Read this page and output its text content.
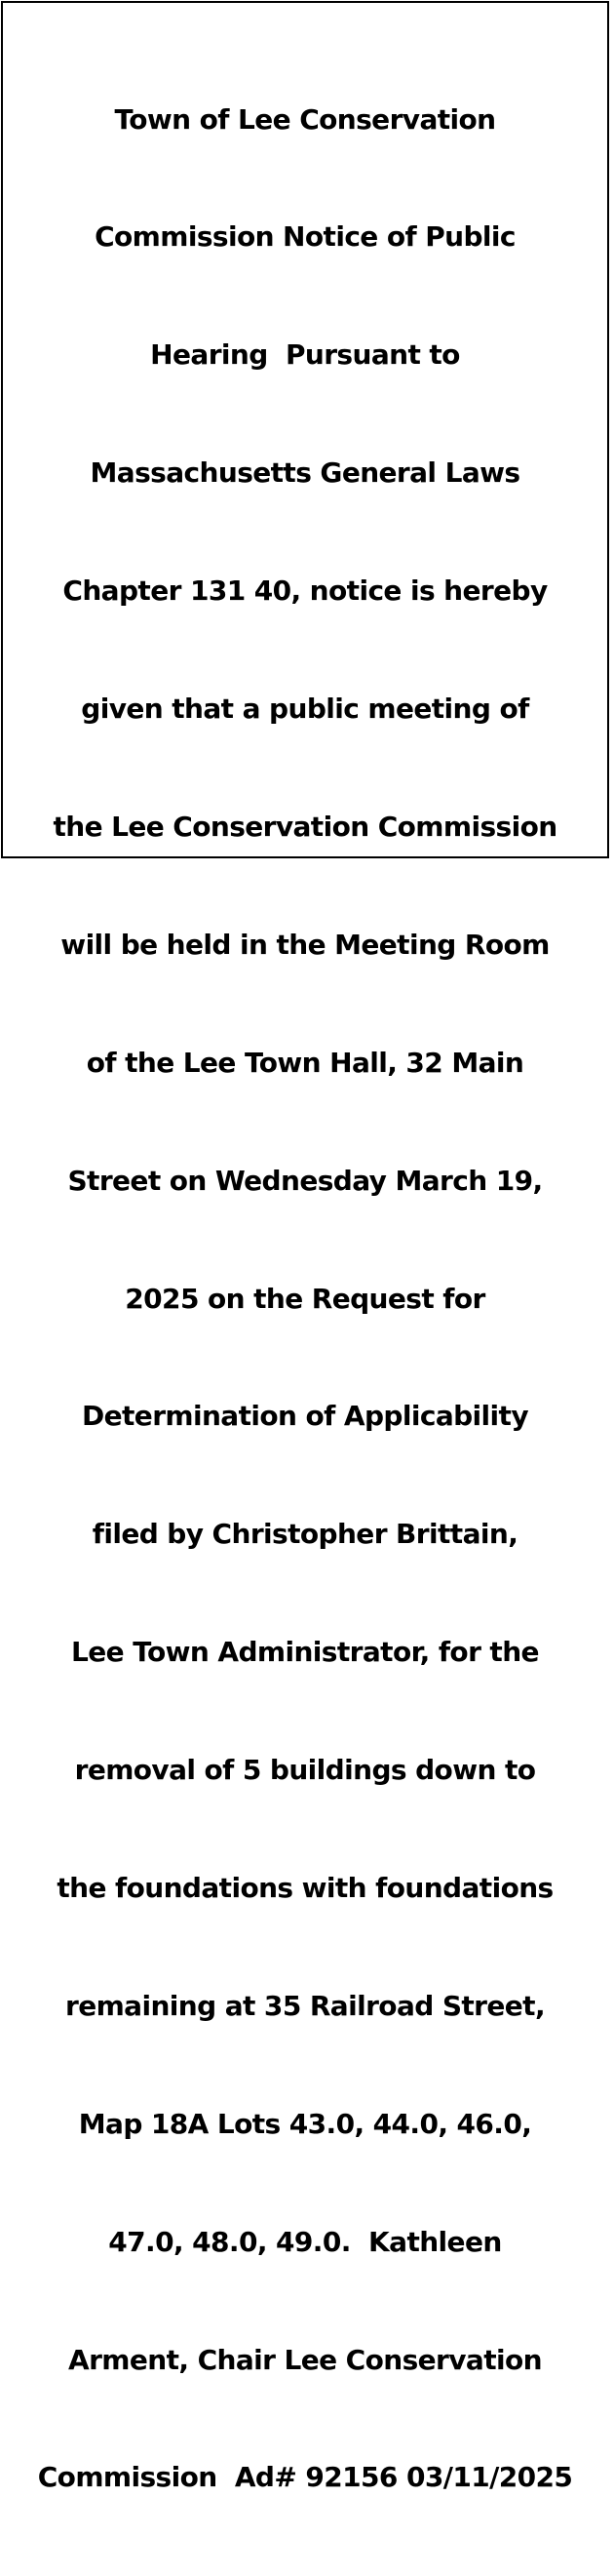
Town of Lee Conservation

Commission Notice of Public

Hearing  Pursuant to

Massachusetts General Laws

Chapter 131 40, notice is hereby

given that a public meeting of

the Lee Conservation Commission

will be held in the Meeting Room

of the Lee Town Hall, 32 Main

Street on Wednesday March 19,

2025 on the Request for

Determination of Applicability

filed by Christopher Brittain,

Lee Town Administrator, for the

removal of 5 buildings down to

the foundations with foundations

remaining at 35 Railroad Street,

Map 18A Lots 43.0, 44.0, 46.0,

47.0, 48.0, 49.0.  Kathleen

Arment, Chair Lee Conservation

Commission  Ad# 92156 03/11/2025
